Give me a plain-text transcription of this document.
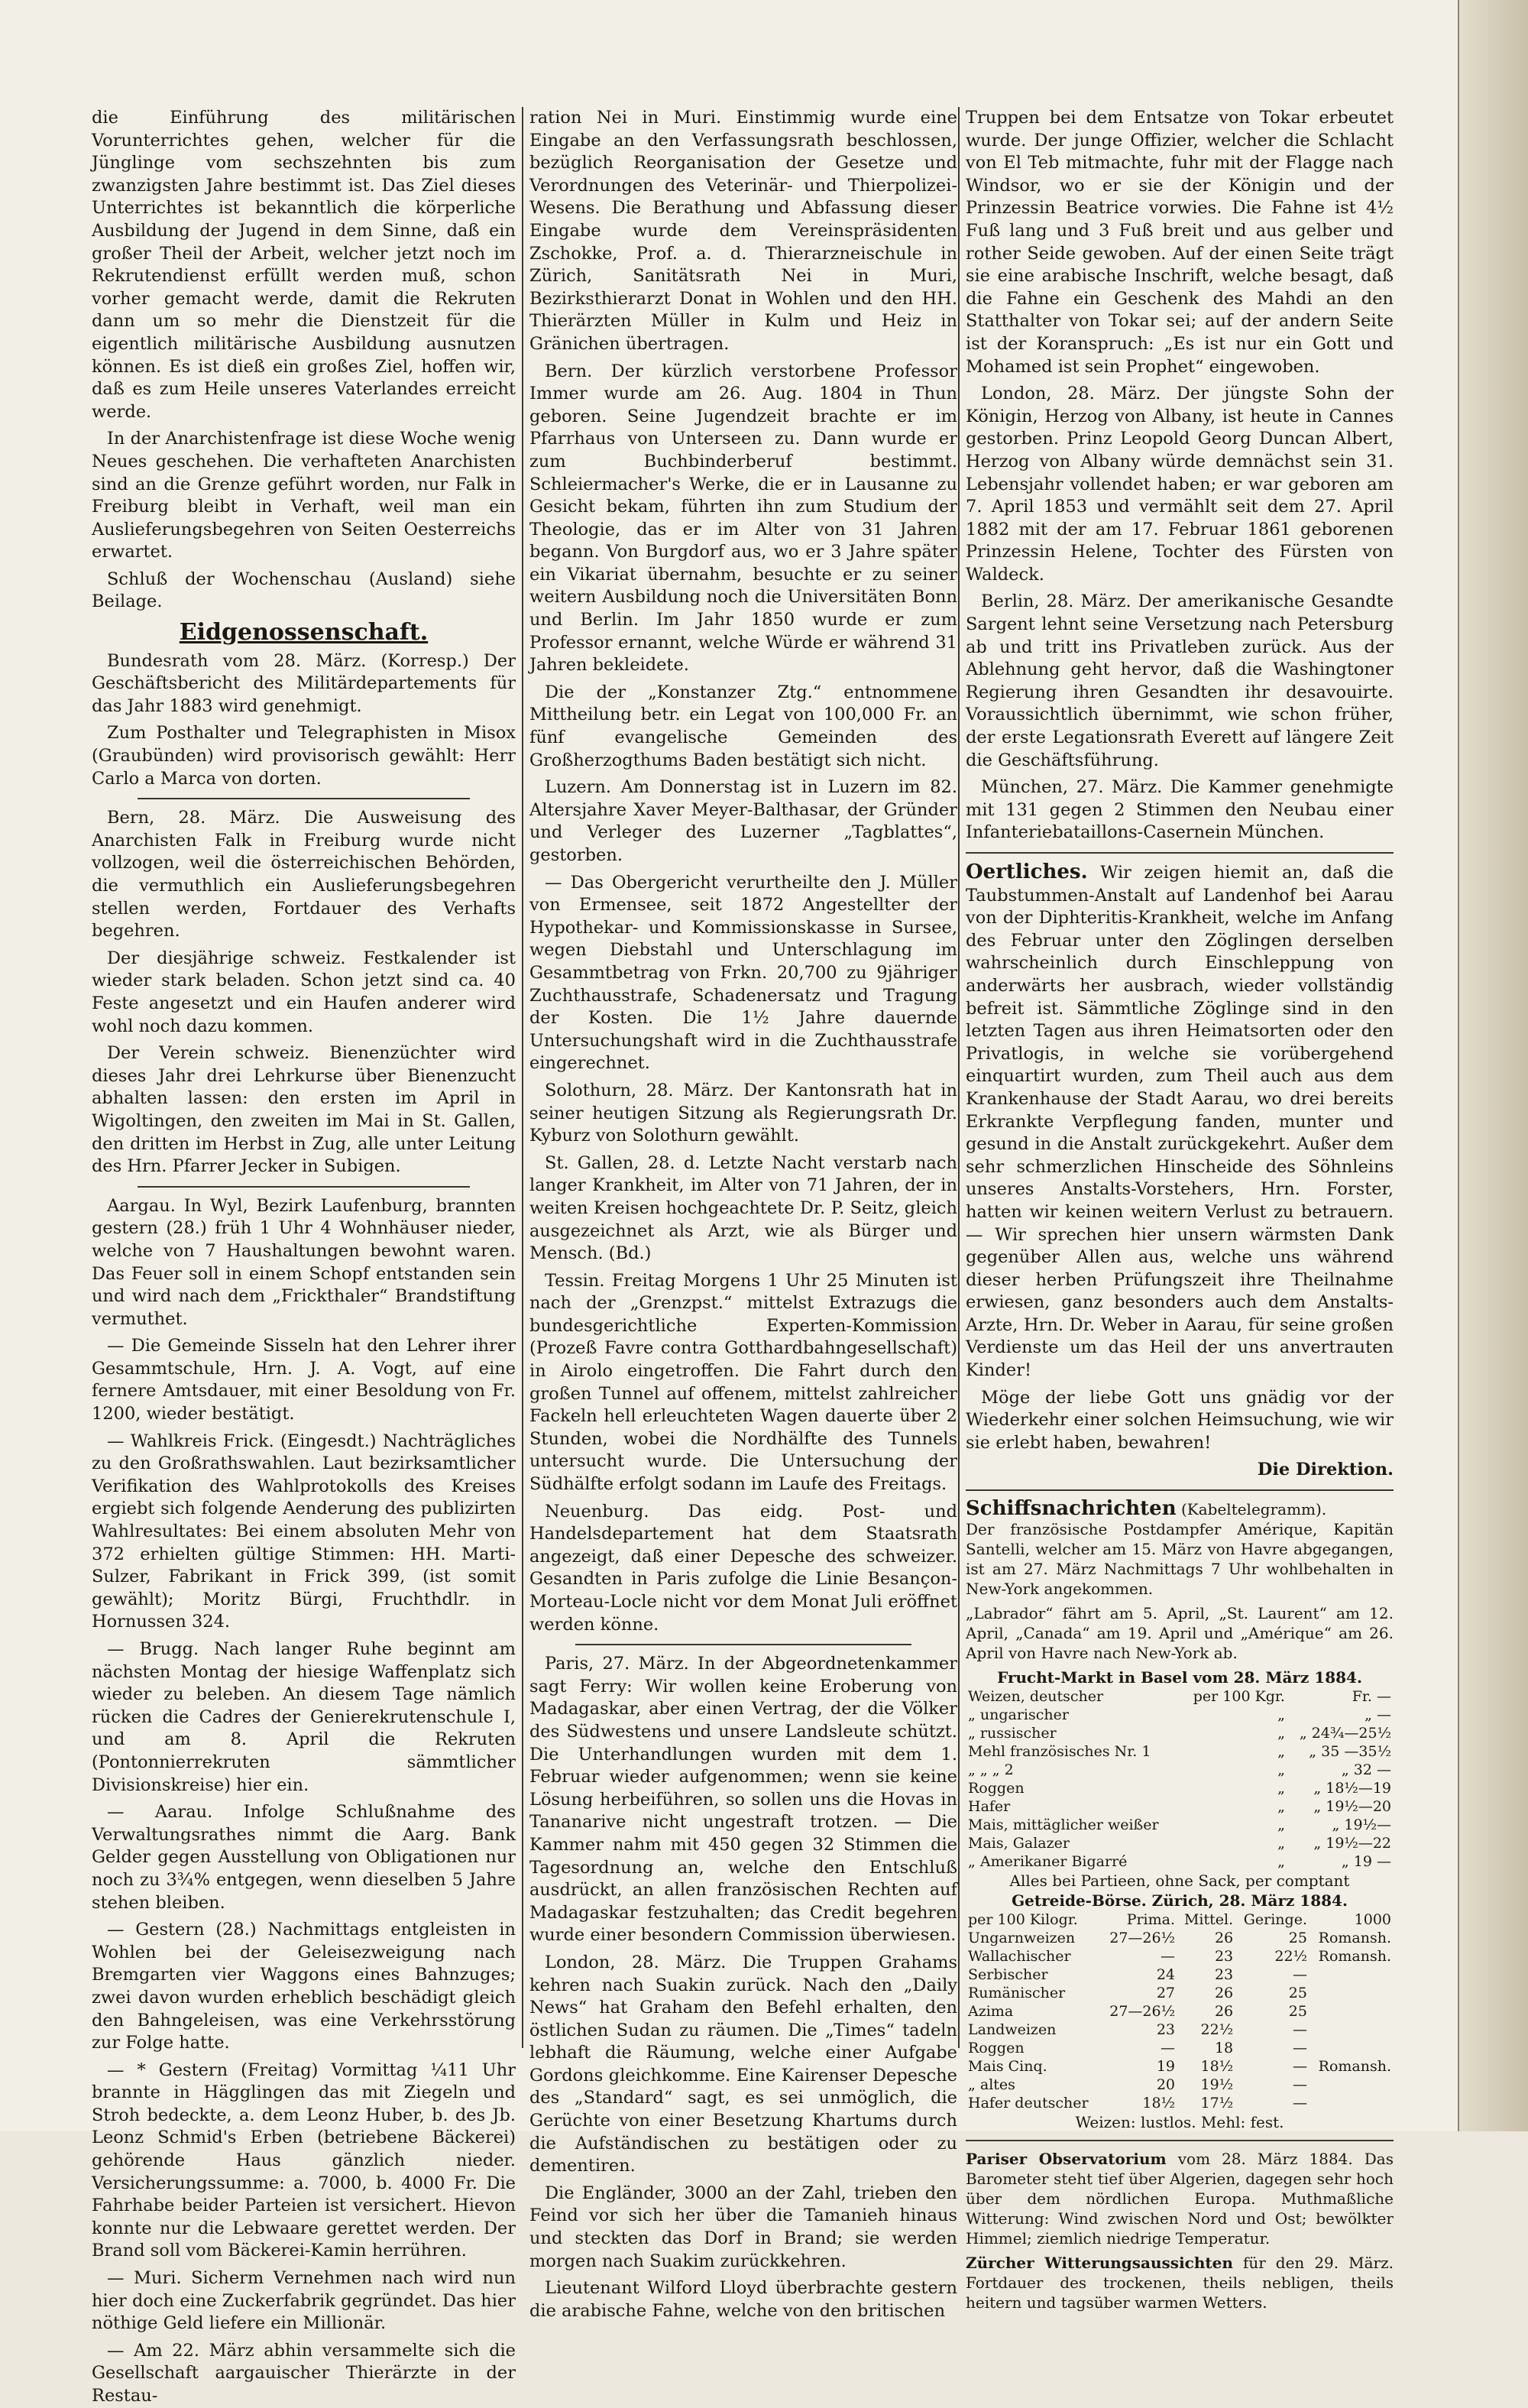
die Einführung des militärischen Vorunterrichtes gehen, welcher für die Jünglinge vom sechszehnten bis zum zwanzigsten Jahre bestimmt ist. Das Ziel dieses Unterrichtes ist bekanntlich die körperliche Ausbildung der Jugend in dem Sinne, daß ein großer Theil der Arbeit, welcher jetzt noch im Rekrutendienst erfüllt werden muß, schon vorher gemacht werde, damit die Rekruten dann um so mehr die Dienstzeit für die eigentlich militärische Ausbildung ausnutzen können. Es ist dieß ein großes Ziel, hoffen wir, daß es zum Heile unseres Vaterlandes erreicht werde.

In der Anarchistenfrage ist diese Woche wenig Neues geschehen. Die verhafteten Anarchisten sind an die Grenze geführt worden, nur Falk in Freiburg bleibt in Verhaft, weil man ein Auslieferungsbegehren von Seiten Oesterreichs erwartet.

Schluß der Wochenschau (Ausland) siehe Beilage.

Eidgenossenschaft.

Bundesrath vom 28. März. (Korresp.) Der Geschäftsbericht des Militärdepartements für das Jahr 1883 wird genehmigt.

Zum Posthalter und Telegraphisten in Misox (Graubünden) wird provisorisch gewählt: Herr Carlo a Marca von dorten.

Bern, 28. März. Die Ausweisung des Anarchisten Falk in Freiburg wurde nicht vollzogen, weil die österreichischen Behörden, die vermuthlich ein Auslieferungsbegehren stellen werden, Fortdauer des Verhafts begehren.

Der diesjährige schweiz. Festkalender ist wieder stark beladen. Schon jetzt sind ca. 40 Feste angesetzt und ein Haufen anderer wird wohl noch dazu kommen.

Der Verein schweiz. Bienenzüchter wird dieses Jahr drei Lehrkurse über Bienenzucht abhalten lassen: den ersten im April in Wigoltingen, den zweiten im Mai in St. Gallen, den dritten im Herbst in Zug, alle unter Leitung des Hrn. Pfarrer Jecker in Subigen.

Aargau. In Wyl, Bezirk Laufenburg, brannten gestern (28.) früh 1 Uhr 4 Wohnhäuser nieder, welche von 7 Haushaltungen bewohnt waren. Das Feuer soll in einem Schopf entstanden sein und wird nach dem „Frickthaler“ Brandstiftung vermuthet.

— Die Gemeinde Sisseln hat den Lehrer ihrer Gesammtschule, Hrn. J. A. Vogt, auf eine fernere Amtsdauer, mit einer Besoldung von Fr. 1200, wieder bestätigt.

— Wahlkreis Frick. (Eingesdt.) Nachträgliches zu den Großrathswahlen. Laut bezirksamtlicher Verifikation des Wahlprotokolls des Kreises ergiebt sich folgende Aenderung des publizirten Wahlresultates: Bei einem absoluten Mehr von 372 erhielten gültige Stimmen: HH. Marti-Sulzer, Fabrikant in Frick 399, (ist somit gewählt); Moritz Bürgi, Fruchthdlr. in Hornussen 324.

— Brugg. Nach langer Ruhe beginnt am nächsten Montag der hiesige Waffenplatz sich wieder zu beleben. An diesem Tage nämlich rücken die Cadres der Genierekrutenschule I, und am 8. April die Rekruten (Pontonnierrekruten sämmtlicher Divisionskreise) hier ein.

— Aarau. Infolge Schlußnahme des Verwaltungsrathes nimmt die Aarg. Bank Gelder gegen Ausstellung von Obligationen nur noch zu 3¾% entgegen, wenn dieselben 5 Jahre stehen bleiben.

— Gestern (28.) Nachmittags entgleisten in Wohlen bei der Geleisezweigung nach Bremgarten vier Waggons eines Bahnzuges; zwei davon wurden erheblich beschädigt gleich den Bahngeleisen, was eine Verkehrsstörung zur Folge hatte.

— * Gestern (Freitag) Vormittag ¼11 Uhr brannte in Hägglingen das mit Ziegeln und Stroh bedeckte, a. dem Leonz Huber, b. des Jb. Leonz Schmid's Erben (betriebene Bäckerei) gehörende Haus gänzlich nieder. Versicherungssumme: a. 7000, b. 4000 Fr. Die Fahrhabe beider Parteien ist versichert. Hievon konnte nur die Lebwaare gerettet werden. Der Brand soll vom Bäckerei-Kamin herrühren.

— Muri. Sicherm Vernehmen nach wird nun hier doch eine Zuckerfabrik gegründet. Das hier nöthige Geld liefere ein Millionär.

— Am 22. März abhin versammelte sich die Gesellschaft aargauischer Thierärzte in der Restau-

ration Nei in Muri. Einstimmig wurde eine Eingabe an den Verfassungsrath beschlossen, bezüglich Reorganisation der Gesetze und Verordnungen des Veterinär- und Thierpolizei-Wesens. Die Berathung und Abfassung dieser Eingabe wurde dem Vereinspräsidenten Zschokke, Prof. a. d. Thierarzneischule in Zürich, Sanitätsrath Nei in Muri, Bezirksthierarzt Donat in Wohlen und den HH. Thierärzten Müller in Kulm und Heiz in Gränichen übertragen.

Bern. Der kürzlich verstorbene Professor Immer wurde am 26. Aug. 1804 in Thun geboren. Seine Jugendzeit brachte er im Pfarrhaus von Unterseen zu. Dann wurde er zum Buchbinderberuf bestimmt. Schleiermacher's Werke, die er in Lausanne zu Gesicht bekam, führten ihn zum Studium der Theologie, das er im Alter von 31 Jahren begann. Von Burgdorf aus, wo er 3 Jahre später ein Vikariat übernahm, besuchte er zu seiner weitern Ausbildung noch die Universitäten Bonn und Berlin. Im Jahr 1850 wurde er zum Professor ernannt, welche Würde er während 31 Jahren bekleidete.

Die der „Konstanzer Ztg.“ entnommene Mittheilung betr. ein Legat von 100,000 Fr. an fünf evangelische Gemeinden des Großherzogthums Baden bestätigt sich nicht.

Luzern. Am Donnerstag ist in Luzern im 82. Altersjahre Xaver Meyer-Balthasar, der Gründer und Verleger des Luzerner „Tagblattes“, gestorben.

— Das Obergericht verurtheilte den J. Müller von Ermensee, seit 1872 Angestellter der Hypothekar- und Kommissionskasse in Sursee, wegen Diebstahl und Unterschlagung im Gesammtbetrag von Frkn. 20,700 zu 9jähriger Zuchthausstrafe, Schadenersatz und Tragung der Kosten. Die 1½ Jahre dauernde Untersuchungshaft wird in die Zuchthausstrafe eingerechnet.

Solothurn, 28. März. Der Kantonsrath hat in seiner heutigen Sitzung als Regierungsrath Dr. Kyburz von Solothurn gewählt.

St. Gallen, 28. d. Letzte Nacht verstarb nach langer Krankheit, im Alter von 71 Jahren, der in weiten Kreisen hochgeachtete Dr. P. Seitz, gleich ausgezeichnet als Arzt, wie als Bürger und Mensch. (Bd.)

Tessin. Freitag Morgens 1 Uhr 25 Minuten ist nach der „Grenzpst.“ mittelst Extrazugs die bundesgerichtliche Experten-Kommission (Prozeß Favre contra Gotthardbahngesellschaft) in Airolo eingetroffen. Die Fahrt durch den großen Tunnel auf offenem, mittelst zahlreicher Fackeln hell erleuchteten Wagen dauerte über 2 Stunden, wobei die Nordhälfte des Tunnels untersucht wurde. Die Untersuchung der Südhälfte erfolgt sodann im Laufe des Freitags.

Neuenburg. Das eidg. Post- und Handelsdepartement hat dem Staatsrath angezeigt, daß einer Depesche des schweizer. Gesandten in Paris zufolge die Linie Besançon-Morteau-Locle nicht vor dem Monat Juli eröffnet werden könne.

Paris, 27. März. In der Abgeordnetenkammer sagt Ferry: Wir wollen keine Eroberung von Madagaskar, aber einen Vertrag, der die Völker des Südwestens und unsere Landsleute schützt. Die Unterhandlungen wurden mit dem 1. Februar wieder aufgenommen; wenn sie keine Lösung herbeiführen, so sollen uns die Hovas in Tananarive nicht ungestraft trotzen. — Die Kammer nahm mit 450 gegen 32 Stimmen die Tagesordnung an, welche den Entschluß ausdrückt, an allen französischen Rechten auf Madagaskar festzuhalten; das Credit begehren wurde einer besondern Commission überwiesen.

London, 28. März. Die Truppen Grahams kehren nach Suakin zurück. Nach den „Daily News“ hat Graham den Befehl erhalten, den östlichen Sudan zu räumen. Die „Times“ tadeln lebhaft die Räumung, welche einer Aufgabe Gordons gleichkomme. Eine Kairenser Depesche des „Standard“ sagt, es sei unmöglich, die Gerüchte von einer Besetzung Khartums durch die Aufständischen zu bestätigen oder zu dementiren.

Die Engländer, 3000 an der Zahl, trieben den Feind vor sich her über die Tamanieh hinaus und steckten das Dorf in Brand; sie werden morgen nach Suakim zurückkehren.

Lieutenant Wilford Lloyd überbrachte gestern die arabische Fahne, welche von den britischen

Truppen bei dem Entsatze von Tokar erbeutet wurde. Der junge Offizier, welcher die Schlacht von El Teb mitmachte, fuhr mit der Flagge nach Windsor, wo er sie der Königin und der Prinzessin Beatrice vorwies. Die Fahne ist 4½ Fuß lang und 3 Fuß breit und aus gelber und rother Seide gewoben. Auf der einen Seite trägt sie eine arabische Inschrift, welche besagt, daß die Fahne ein Geschenk des Mahdi an den Statthalter von Tokar sei; auf der andern Seite ist der Koranspruch: „Es ist nur ein Gott und Mohamed ist sein Prophet“ eingewoben.

London, 28. März. Der jüngste Sohn der Königin, Herzog von Albany, ist heute in Cannes gestorben. Prinz Leopold Georg Duncan Albert, Herzog von Albany würde demnächst sein 31. Lebensjahr vollendet haben; er war geboren am 7. April 1853 und vermählt seit dem 27. April 1882 mit der am 17. Februar 1861 geborenen Prinzessin Helene, Tochter des Fürsten von Waldeck.

Berlin, 28. März. Der amerikanische Gesandte Sargent lehnt seine Versetzung nach Petersburg ab und tritt ins Privatleben zurück. Aus der Ablehnung geht hervor, daß die Washingtoner Regierung ihren Gesandten ihr desavouirte. Voraussichtlich übernimmt, wie schon früher, der erste Legationsrath Everett auf längere Zeit die Geschäftsführung.

München, 27. März. Die Kammer genehmigte mit 131 gegen 2 Stimmen den Neubau einer Infanteriebataillons-Casernein München.

Oertliches. Wir zeigen hiemit an, daß die Taubstummen-Anstalt auf Landenhof bei Aarau von der Diphteritis-Krankheit, welche im Anfang des Februar unter den Zöglingen derselben wahrscheinlich durch Einschleppung von anderwärts her ausbrach, wieder vollständig befreit ist. Sämmtliche Zöglinge sind in den letzten Tagen aus ihren Heimatsorten oder den Privatlogis, in welche sie vorübergehend einquartirt wurden, zum Theil auch aus dem Krankenhause der Stadt Aarau, wo drei bereits Erkrankte Verpflegung fanden, munter und gesund in die Anstalt zurückgekehrt. Außer dem sehr schmerzlichen Hinscheide des Söhnleins unseres Anstalts-Vorstehers, Hrn. Forster, hatten wir keinen weitern Verlust zu betrauern. — Wir sprechen hier unsern wärmsten Dank gegenüber Allen aus, welche uns während dieser herben Prüfungszeit ihre Theilnahme erwiesen, ganz besonders auch dem Anstalts-Arzte, Hrn. Dr. Weber in Aarau, für seine großen Verdienste um das Heil der uns anvertrauten Kinder!

Möge der liebe Gott uns gnädig vor der Wiederkehr einer solchen Heimsuchung, wie wir sie erlebt haben, bewahren!

Die Direktion.
Schiffsnachrichten (Kabeltelegramm).

Der französische Postdampfer Amérique, Kapitän Santelli, welcher am 15. März von Havre abgegangen, ist am 27. März Nachmittags 7 Uhr wohlbehalten in New-York angekommen.

„Labrador“ fährt am 5. April, „St. Laurent“ am 12. April, „Canada“ am 19. April und „Amérique“ am 26. April von Havre nach New-York ab.

Frucht-Markt in Basel vom 28. März 1884.
Weizen, deutscher	per 100 Kgr.	Fr. —
„ ungarischer	„	„ —
„ russischer	„	„ 24¾—25½
Mehl französisches Nr. 1	„	„ 35 —35½
„ „ „ 2	„	„ 32 —
Roggen	„	„ 18½—19
Hafer	„	„ 19½—20
Mais, mittäglicher weißer	„	„ 19½—
Mais, Galazer	„	„ 19½—22
„ Amerikaner Bigarré	„	„ 19 —
Alles bei Partieen, ohne Sack, per comptant
Getreide-Börse. Zürich, 28. März 1884.
per 100 Kilogr.	Prima.	Mittel.	Geringe.	1000
Ungarnweizen	27—26½	26	25	Romansh.
Wallachischer	—	23	22½	Romansh.
Serbischer	24	23	—	
Rumänischer	27	26	25	
Azima	27—26½	26	25	
Landweizen	23	22½	—	
Roggen	—	18	—	
Mais Cinq.	19	18½	—	Romansh.
„ altes	20	19½	—	
Hafer deutscher	18½	17½	—	
Weizen: lustlos. Mehl: fest.

Pariser Observatorium vom 28. März 1884. Das Barometer steht tief über Algerien, dagegen sehr hoch über dem nördlichen Europa. Muthmaßliche Witterung: Wind zwischen Nord und Ost; bewölkter Himmel; ziemlich niedrige Temperatur.

Zürcher Witterungsaussichten für den 29. März. Fortdauer des trockenen, theils nebligen, theils heitern und tagsüber warmen Wetters.
